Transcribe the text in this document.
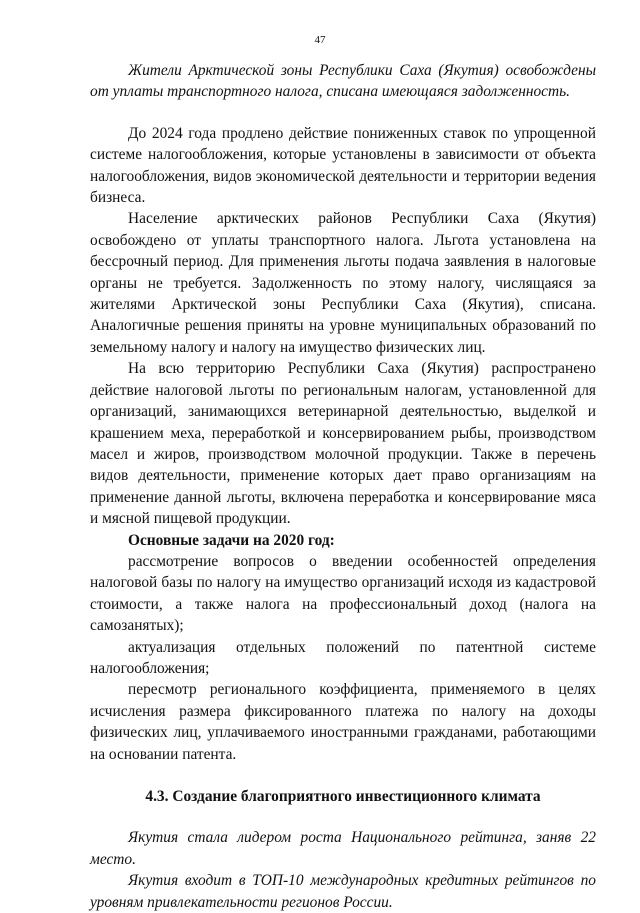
47

Жители Арктической зоны Республики Саха (Якутия) освобождены от уплаты транспортного налога, списана имеющаяся задолженность.

До 2024 года продлено действие пониженных ставок по упрощенной системе налогообложения, которые установлены в зависимости от объекта налогообложения, видов экономической деятельности и территории ведения бизнеса.

Население арктических районов Республики Саха (Якутия) освобождено от уплаты транспортного налога. Льгота установлена на бессрочный период. Для применения льготы подача заявления в налоговые органы не требуется. Задолженность по этому налогу, числящаяся за жителями Арктической зоны Республики Саха (Якутия), списана. Аналогичные решения приняты на уровне муниципальных образований по земельному налогу и налогу на имущество физических лиц.

На всю территорию Республики Саха (Якутия) распространено действие налоговой льготы по региональным налогам, установленной для организаций, занимающихся ветеринарной деятельностью, выделкой и крашением меха, переработкой и консервированием рыбы, производством масел и жиров, производством молочной продукции. Также в перечень видов деятельности, применение которых дает право организациям на применение данной льготы, включена переработка и консервирование мяса и мясной пищевой продукции.

Основные задачи на 2020 год:

рассмотрение вопросов о введении особенностей определения налоговой базы по налогу на имущество организаций исходя из кадастровой стоимости, а также налога на профессиональный доход (налога на самозанятых);

актуализация отдельных положений по патентной системе налогообложения;

пересмотр регионального коэффициента, применяемого в целях исчисления размера фиксированного платежа по налогу на доходы физических лиц, уплачиваемого иностранными гражданами, работающими на основании патента.

4.3. Создание благоприятного инвестиционного климата

Якутия стала лидером роста Национального рейтинга, заняв 22 место.

Якутия входит в ТОП-10 международных кредитных рейтингов по уровням привлекательности регионов России.
